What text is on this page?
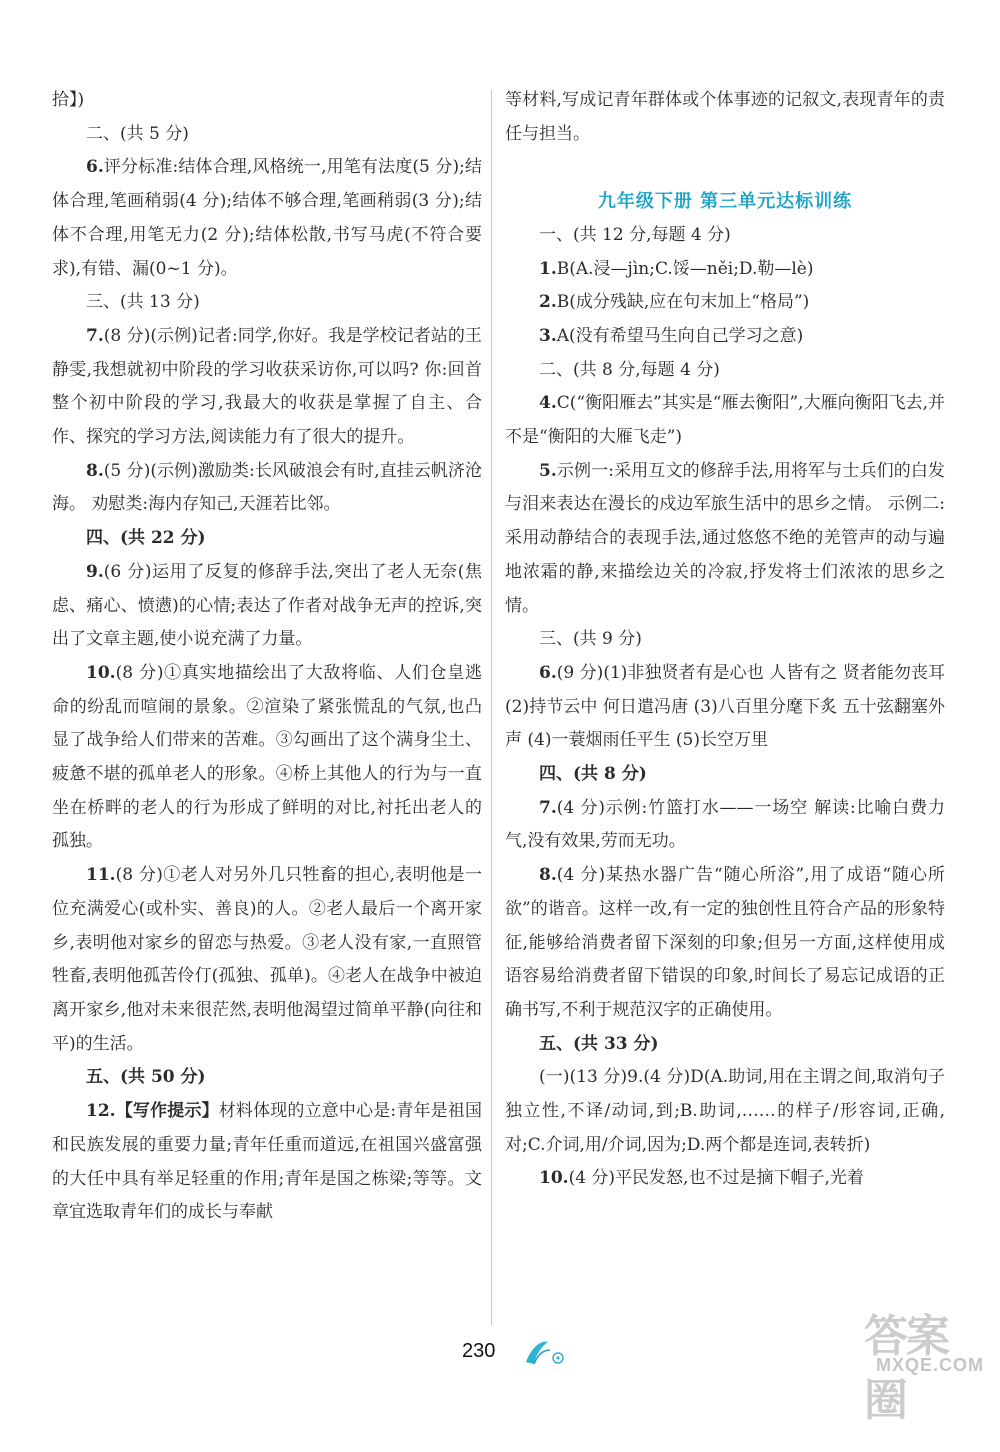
拾】)

二、(共 5 分)

6.评分标准:结体合理,风格统一,用笔有法度(5 分);结体合理,笔画稍弱(4 分);结体不够合理,笔画稍弱(3 分);结体不合理,用笔无力(2 分);结体松散,书写马虎(不符合要求),有错、漏(0~1 分)。

三、(共 13 分)

7.(8 分)(示例)记者:同学,你好。我是学校记者站的王静雯,我想就初中阶段的学习收获采访你,可以吗? 你:回首整个初中阶段的学习,我最大的收获是掌握了自主、合作、探究的学习方法,阅读能力有了很大的提升。

8.(5 分)(示例)激励类:长风破浪会有时,直挂云帆济沧海。 劝慰类:海内存知己,天涯若比邻。

四、(共 22 分)

9.(6 分)运用了反复的修辞手法,突出了老人无奈(焦虑、痛心、愤懑)的心情;表达了作者对战争无声的控诉,突出了文章主题,使小说充满了力量。

10.(8 分)①真实地描绘出了大敌将临、人们仓皇逃命的纷乱而喧闹的景象。②渲染了紧张慌乱的气氛,也凸显了战争给人们带来的苦难。③勾画出了这个满身尘土、疲惫不堪的孤单老人的形象。④桥上其他人的行为与一直坐在桥畔的老人的行为形成了鲜明的对比,衬托出老人的孤独。

11.(8 分)①老人对另外几只牲畜的担心,表明他是一位充满爱心(或朴实、善良)的人。②老人最后一个离开家乡,表明他对家乡的留恋与热爱。③老人没有家,一直照管牲畜,表明他孤苦伶仃(孤独、孤单)。④老人在战争中被迫离开家乡,他对未来很茫然,表明他渴望过简单平静(向往和平)的生活。

五、(共 50 分)

12.【写作提示】材料体现的立意中心是:青年是祖国和民族发展的重要力量;青年任重而道远,在祖国兴盛富强的大任中具有举足轻重的作用;青年是国之栋梁;等等。文章宜选取青年们的成长与奉献

等材料,写成记青年群体或个体事迹的记叙文,表现青年的责任与担当。

九年级下册 第三单元达标训练

一、(共 12 分,每题 4 分)

1.B(A.浸—jìn;C.馁—něi;D.勒—lè)

2.B(成分残缺,应在句末加上“格局”)

3.A(没有希望马生向自己学习之意)

二、(共 8 分,每题 4 分)

4.C(“衡阳雁去”其实是“雁去衡阳”,大雁向衡阳飞去,并不是“衡阳的大雁飞走”)

5.示例一:采用互文的修辞手法,用将军与士兵们的白发与泪来表达在漫长的戍边军旅生活中的思乡之情。 示例二:采用动静结合的表现手法,通过悠悠不绝的羌管声的动与遍地浓霜的静,来描绘边关的冷寂,抒发将士们浓浓的思乡之情。

三、(共 9 分)

6.(9 分)(1)非独贤者有是心也 人皆有之 贤者能勿丧耳 (2)持节云中 何日遣冯唐 (3)八百里分麾下炙 五十弦翻塞外声 (4)一蓑烟雨任平生 (5)长空万里

四、(共 8 分)

7.(4 分)示例:竹篮打水——一场空 解读:比喻白费力气,没有效果,劳而无功。

8.(4 分)某热水器广告“随心所浴”,用了成语“随心所欲”的谐音。这样一改,有一定的独创性且符合产品的形象特征,能够给消费者留下深刻的印象;但另一方面,这样使用成语容易给消费者留下错误的印象,时间长了易忘记成语的正确书写,不利于规范汉字的正确使用。

五、(共 33 分)

(一)(13 分)9.(4 分)D(A.助词,用在主谓之间,取消句子独立性,不译/动词,到;B.助词,……的样子/形容词,正确,对;C.介词,用/介词,因为;D.两个都是连词,表转折)

10.(4 分)平民发怒,也不过是摘下帽子,光着

230	答案圈
MXQE.COM
